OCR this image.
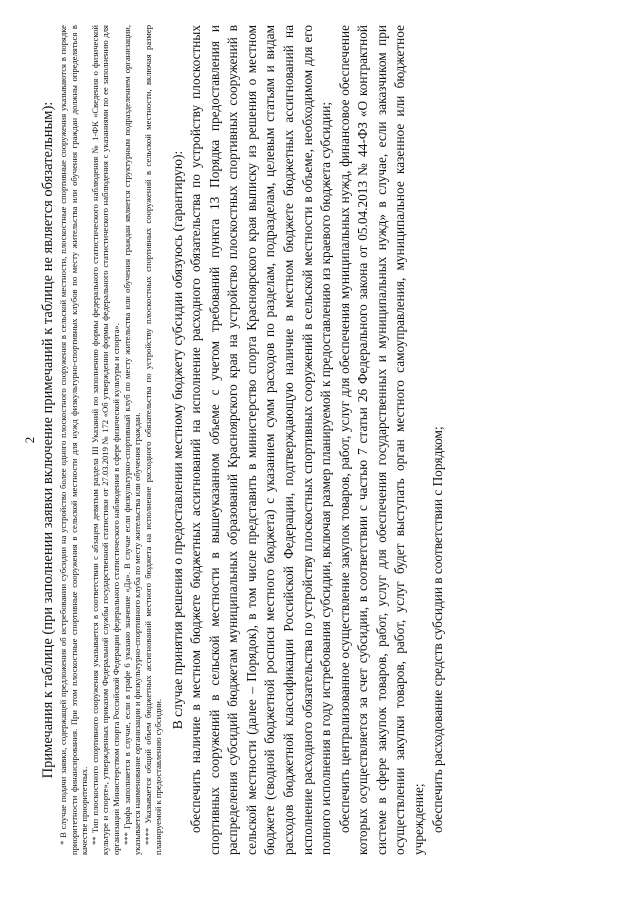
2 Примечания к таблице (при заполнении заявки включение примечаний к таблице не является обязательным): * В случае подачи заявки, содержащей предложения об истребовании субсидии на устройство более одного плоскостного сооружения в сельской местности, плоскостные спортивные сооружения указываются в порядке приоритетности финансирования. При этом плоскостные спортивные сооружения в сельской местности для нужд физкультурно-спортивных клубов по месту жительства или обучения граждан должны определяться в качестве приоритетных. ** Тип плоскостного спортивного сооружения указывается в соответствии с абзацем девятым раздела III Указаний по заполнению формы федерального статистического наблюдения № 1-ФК «Сведения о физической культуре и спорте», утвержденных приказом Федеральной службы государственной статистики от 27.03.2019 № 172 «Об утверждении формы федерального статистического наблюдения с указаниями по ее заполнению для организации Министерством спорта Российской Федерации федерального статистического наблюдения в сфере физической культуры и спорта». *** Графа заполняется в случае, если в графе 6 указано значение «Да». В случае если физкультурно-спортивный клуб по месту жительства или обучения граждан является структурным подразделением организации, указывается наименование организации и физкультурно-спортивного клуба по месту жительства или обучения граждан. **** Указывается общий объем бюджетных ассигнований местного бюджета на исполнение расходного обязательства по устройству плоскостных спортивных сооружений в сельской местности, включая размер планируемой к предоставлению субсидии.

В случае принятия решения о предоставлении местному бюджету субсидии обязуюсь (гарантирую): обеспечить наличие в местном бюджете бюджетных ассигнований на исполнение расходного обязательства по устройству плоскостных спортивных сооружений в сельской местности в вышеуказанном объеме с учетом требований пункта 13 Порядка предоставления и распределения субсидий бюджетам муниципальных образований Красноярского края на устройство плоскостных спортивных сооружений в сельской местности (далее – Порядок), в том числе представить в министерство спорта Красноярского края выписку из решения о местном бюджете (сводной бюджетной росписи местного бюджета) с указанием сумм расходов по разделам, подразделам, целевым статьям и видам расходов бюджетной классификации Российской Федерации, подтверждающую наличие в местном бюджете бюджетных ассигнований на исполнение расходного обязательства по устройству плоскостных спортивных сооружений в сельской местности в объеме, необходимом для его полного исполнения в году истребования субсидии, включая размер планируемой к предоставлению из краевого бюджета субсидии; обеспечить централизованное осуществление закупок товаров, работ, услуг для обеспечения муниципальных нужд, финансовое обеспечение которых осуществляется за счет субсидии, в соответствии с частью 7 статьи 26 Федерального закона от 05.04.2013 № 44-ФЗ «О контрактной системе в сфере закупок товаров, работ, услуг для обеспечения государственных и муниципальных нужд» в случае, если заказчиком при осуществлении закупки товаров, работ, услуг будет выступать орган местного самоуправления, муниципальное казенное или бюджетное учреждение; обеспечить расходование средств субсидии в соответствии с Порядком;
